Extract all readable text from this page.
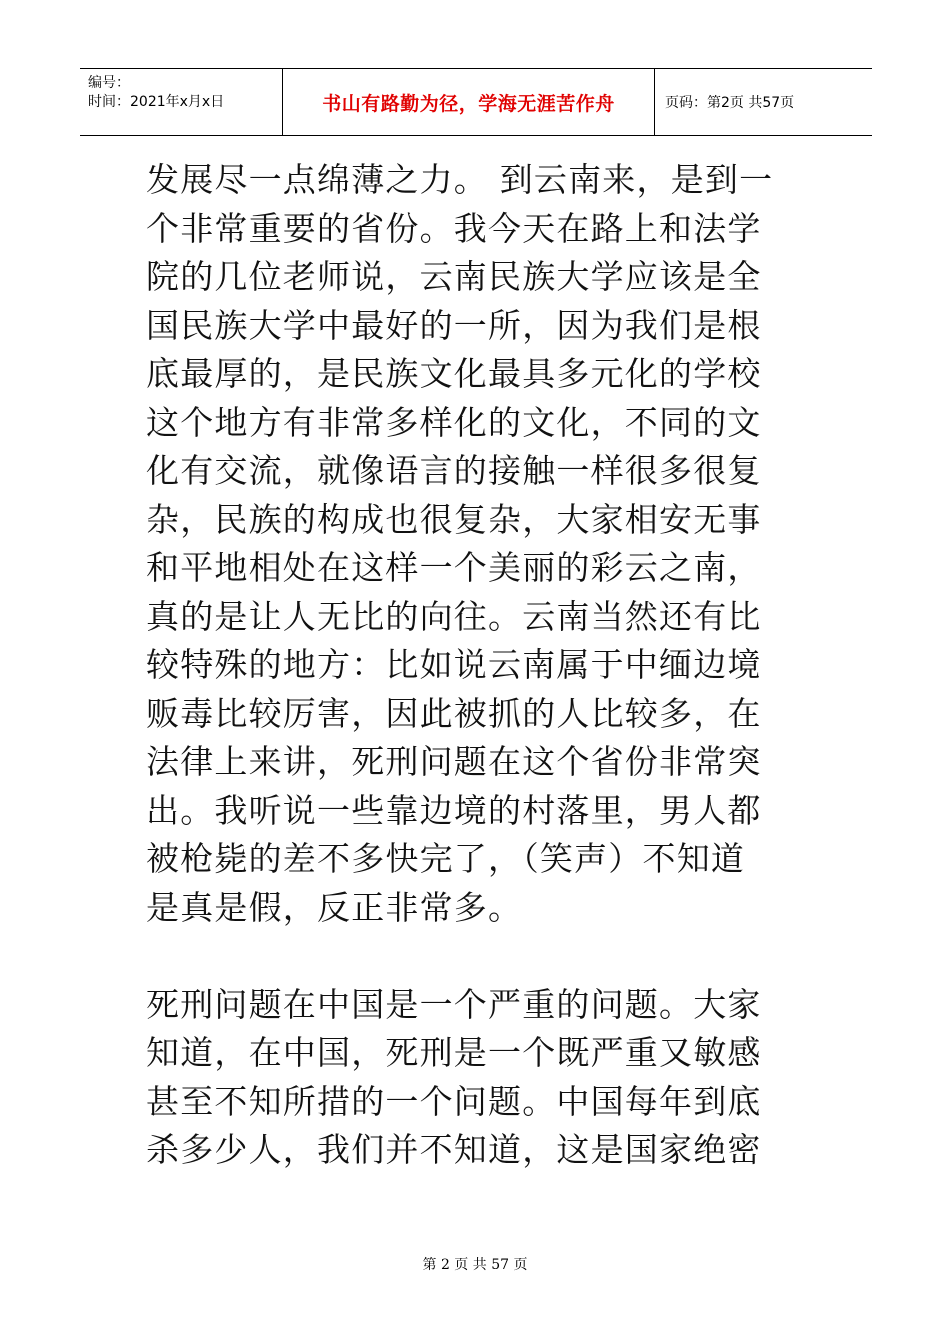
编号：
时间：2021年x月x日	书山有路勤为径，学海无涯苦作舟	页码：第2页 共57页
发展尽一点绵薄之力。 到云南来，是到一
个非常重要的省份。我今天在路上和法学
院的几位老师说，云南民族大学应该是全
国民族大学中最好的一所，因为我们是根
底最厚的，是民族文化最具多元化的学校
这个地方有非常多样化的文化，不同的文
化有交流，就像语言的接触一样很多很复
杂，民族的构成也很复杂，大家相安无事
和平地相处在这样一个美丽的彩云之南，
真的是让人无比的向往。云南当然还有比
较特殊的地方：比如说云南属于中缅边境
贩毒比较厉害，因此被抓的人比较多，在
法律上来讲，死刑问题在这个省份非常突
出。我听说一些靠边境的村落里，男人都
被枪毙的差不多快完了，（笑声）不知道
是真是假，反正非常多。
死刑问题在中国是一个严重的问题。大家
知道，在中国，死刑是一个既严重又敏感
甚至不知所措的一个问题。中国每年到底
杀多少人，我们并不知道，这是国家绝密
第 2 页 共 57 页
